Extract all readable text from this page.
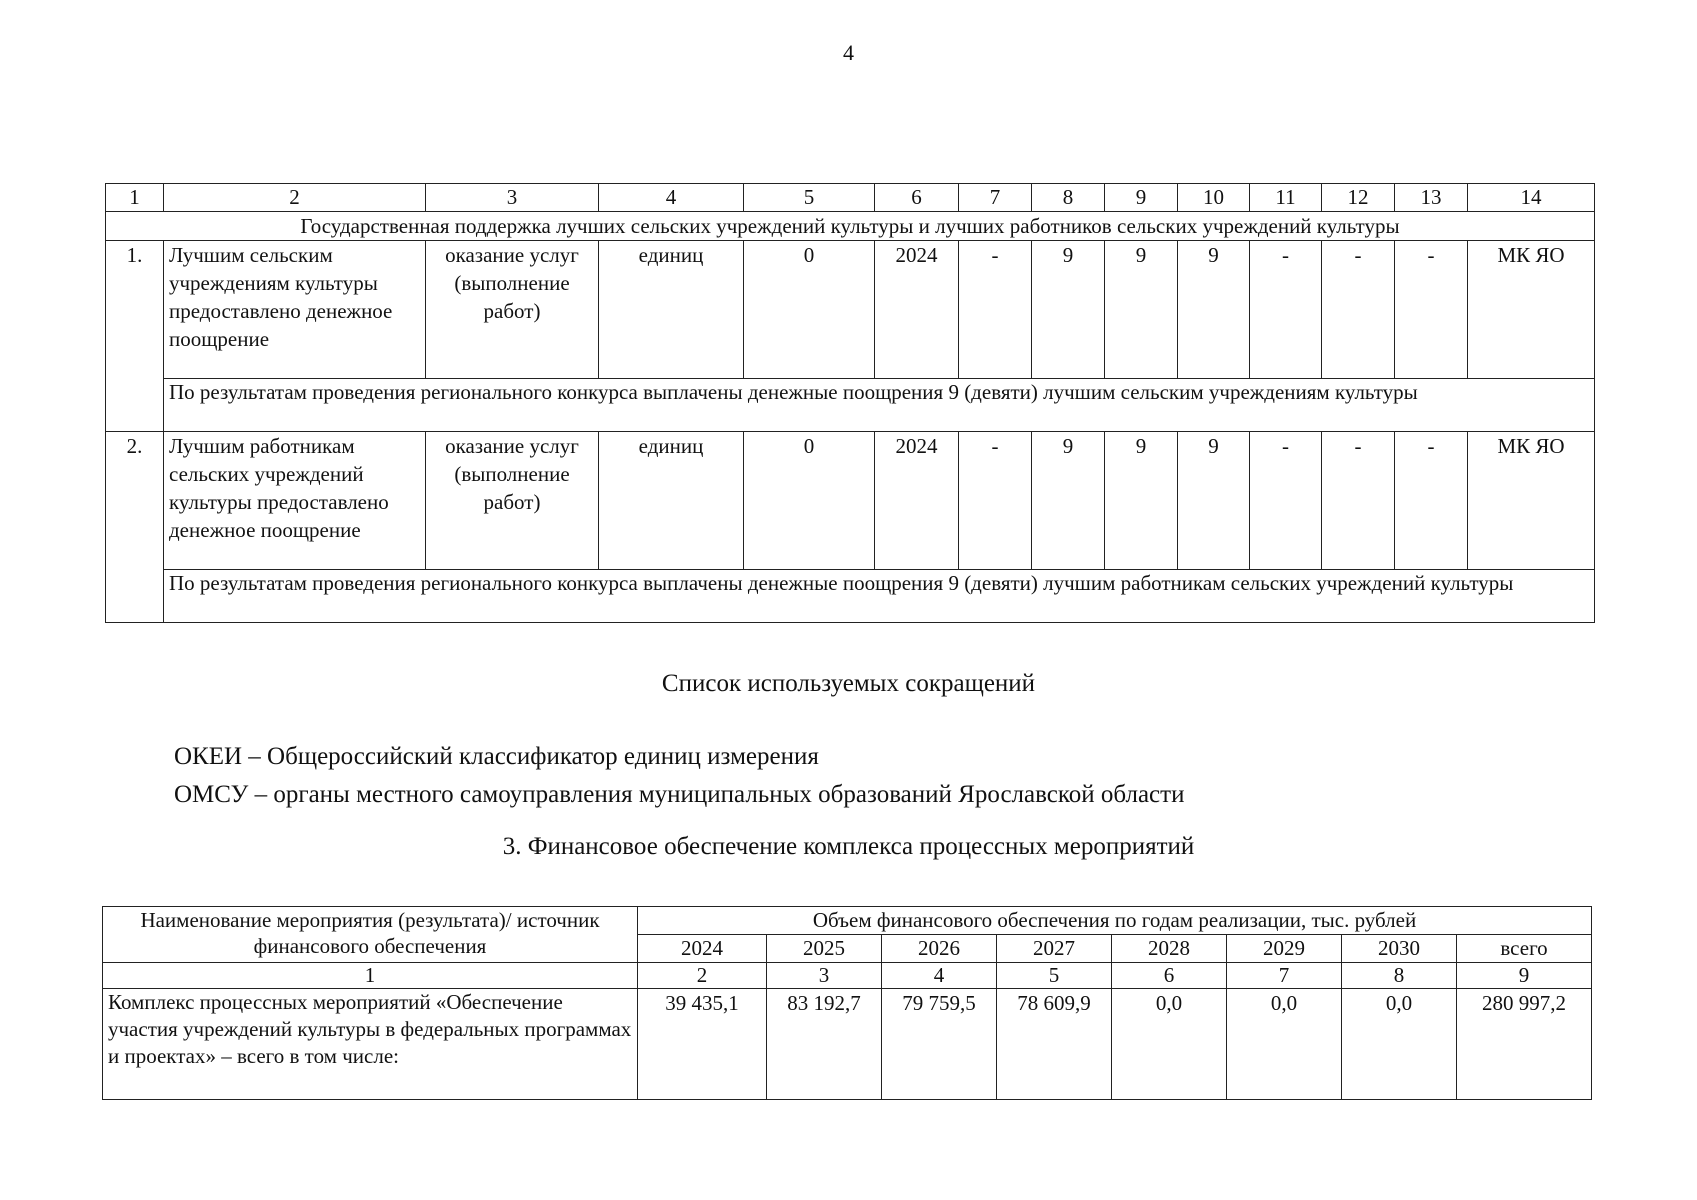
4
1	2	3	4	5	6	7	8	9	10	11	12	13	14
Государственная поддержка лучших сельских учреждений культуры и лучших работников сельских учреждений культуры													
1.	Лучшим сельским учреждениям культуры предоставлено денежное поощрение	оказание услуг (выполнение работ)	единиц	0	2024	-	9	9	9	-	-	-	МК ЯО

	По результатам проведения регионального конкурса выплачены денежные поощрения 9 (девяти) лучшим сельским учреждениям культуры												

2.	Лучшим работникам сельских учреждений культуры предоставлено денежное поощрение	оказание услуг (выполнение работ)	единиц	0	2024	-	9	9	9	-	-	-	МК ЯО

	По результатам проведения регионального конкурса выплачены денежные поощрения 9 (девяти) лучшим работникам сельских учреждений культуры												
Список используемых сокращений
ОКЕИ – Общероссийский классификатор единиц измерения
ОМСУ – органы местного самоуправления муниципальных образований Ярославской области
3. Финансовое обеспечение комплекса процессных мероприятий
Наименование мероприятия (результата)/ источник финансового обеспечения	Объем финансового обеспечения по годам реализации, тыс. рублей							
	2024	2025	2026	2027	2028	2029	2030	всего
1	2	3	4	5	6	7	8	9
Комплекс процессных мероприятий «Обеспечение участия учреждений культуры в федеральных программах и проектах» – всего в том числе:	39 435,1	83 192,7	79 759,5	78 609,9	0,0	0,0	0,0	280 997,2
